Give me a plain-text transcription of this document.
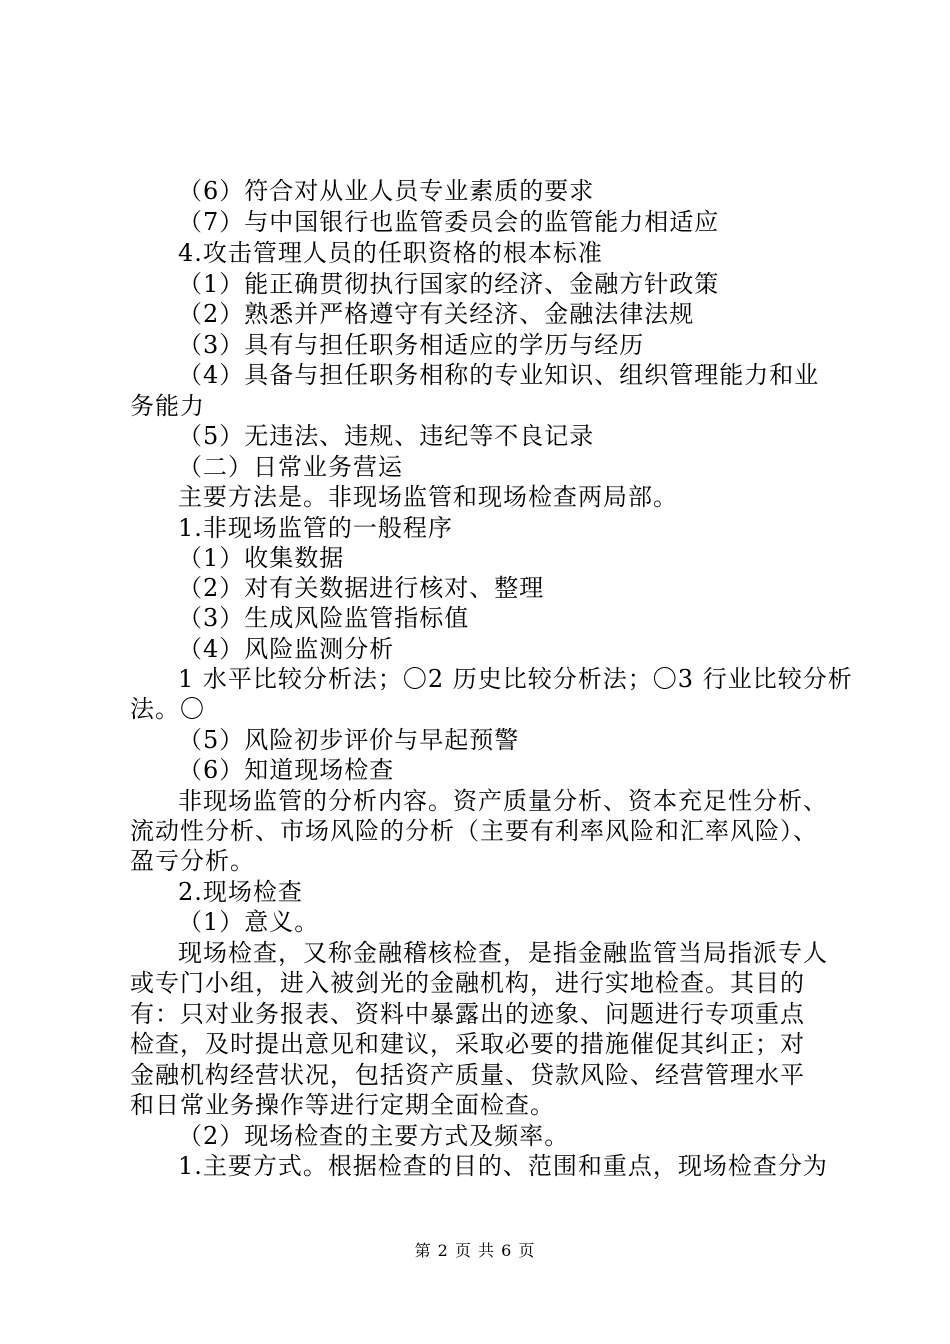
（6）符合对从业人员专业素质的要求
（7）与中国银行也监管委员会的监管能力相适应
4.攻击管理人员的任职资格的根本标准
（1）能正确贯彻执行国家的经济、金融方针政策
（2）熟悉并严格遵守有关经济、金融法律法规
（3）具有与担任职务相适应的学历与经历
（4）具备与担任职务相称的专业知识、组织管理能力和业
务能力
（5）无违法、违规、违纪等不良记录
（二）日常业务营运
主要方法是。非现场监管和现场检查两局部。
1.非现场监管的一般程序
（1）收集数据
（2）对有关数据进行核对、整理
（3）生成风险监管指标值
（4）风险监测分析
1 水平比较分析法；〇2 历史比较分析法；〇3 行业比较分析
法。〇
（5）风险初步评价与早起预警
（6）知道现场检查
非现场监管的分析内容。资产质量分析、资本充足性分析、
流动性分析、市场风险的分析（主要有利率风险和汇率风险）、
盈亏分析。
2.现场检查
（1）意义。
现场检查，又称金融稽核检查，是指金融监管当局指派专人
或专门小组，进入被剑光的金融机构，进行实地检查。其目的
有：只对业务报表、资料中暴露出的迹象、问题进行专项重点
检查，及时提出意见和建议，采取必要的措施催促其纠正；对
金融机构经营状况，包括资产质量、贷款风险、经营管理水平
和日常业务操作等进行定期全面检查。
（2）现场检查的主要方式及频率。
1.主要方式。根据检查的目的、范围和重点，现场检查分为
第 2 页 共 6 页
